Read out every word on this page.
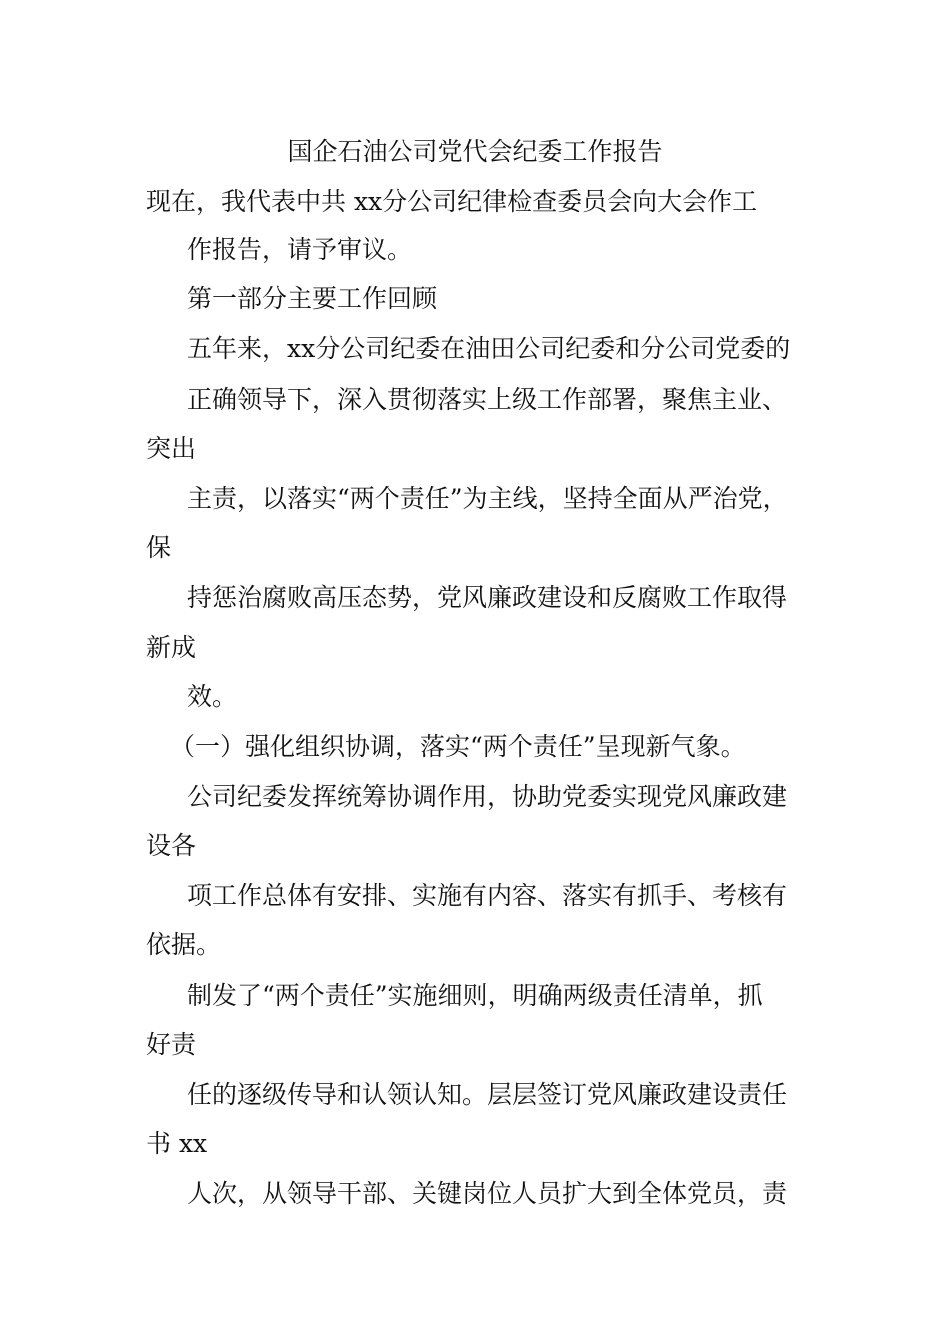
国企石油公司党代会纪委工作报告
现在，我代表中共 xx分公司纪律检查委员会向大会作工
作报告，请予审议。
第一部分主要工作回顾
五年来，xx分公司纪委在油田公司纪委和分公司党委的
正确领导下，深入贯彻落实上级工作部署，聚焦主业、
突出
主责，以落实“两个责任”为主线，坚持全面从严治党，
保
持惩治腐败高压态势，党风廉政建设和反腐败工作取得
新成
效。
（一）强化组织协调，落实“两个责任”呈现新气象。
公司纪委发挥统筹协调作用，协助党委实现党风廉政建
设各
项工作总体有安排、实施有内容、落实有抓手、考核有
依据。
制发了“两个责任”实施细则，明确两级责任清单，抓
好责
任的逐级传导和认领认知。层层签订党风廉政建设责任
书 xx
人次，从领导干部、关键岗位人员扩大到全体党员，责
